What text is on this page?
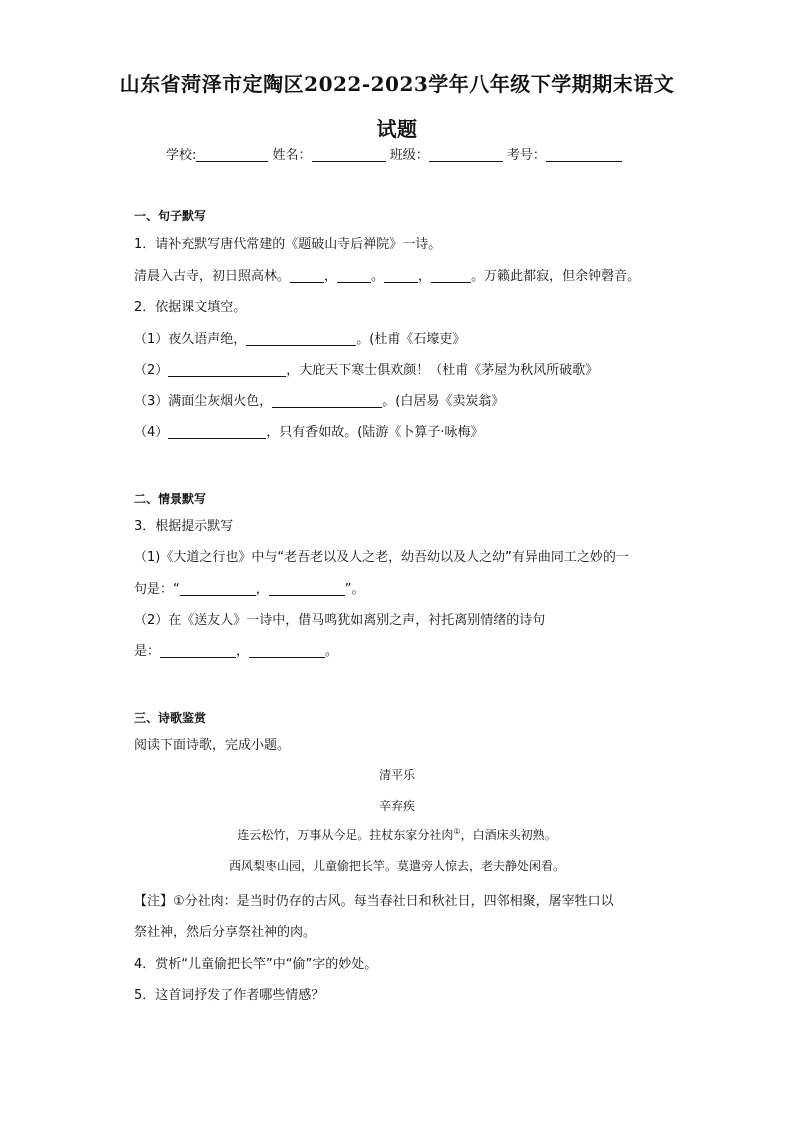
山东省菏泽市定陶区2022-2023学年八年级下学期期末语文
试题
学校:	姓名：	班级：	考号：
一、句子默写
1．请补充默写唐代常建的《题破山寺后禅院》一诗。
清晨入古寺，初日照高林。	，	。	，	。万籁此都寂，但余钟磬音。
2．依据课文填空。
（1）夜久语声绝，	。(杜甫《石壕吏》
（2）	，大庇天下寒士俱欢颜！（杜甫《茅屋为秋风所破歌》
（3）满面尘灰烟火色，	。(白居易《卖炭翁》
（4）	，只有香如故。(陆游《卜算子·咏梅》
二、情景默写
3．根据提示默写
（1)《大道之行也》中与“老吾老以及人之老，幼吾幼以及人之幼”有异曲同工之妙的一
句是：“	，	”。
（2）在《送友人》一诗中，借马鸣犹如离别之声，衬托离别情绪的诗句
是：	，	。
三、诗歌鉴赏
阅读下面诗歌，完成小题。
清平乐
辛弃疾
连云松竹，万事从今足。拄杖东家分社肉①，白酒床头初熟。
西风梨枣山园，儿童偷把长竿。莫遣旁人惊去，老夫静处闲看。
【注】①分社肉：是当时仍存的古风。每当春社日和秋社日，四邻相聚，屠宰牲口以
祭社神，然后分享祭社神的肉。
4．赏析“儿童偷把长竿”中“偷”字的妙处。
5．这首词抒发了作者哪些情感？
